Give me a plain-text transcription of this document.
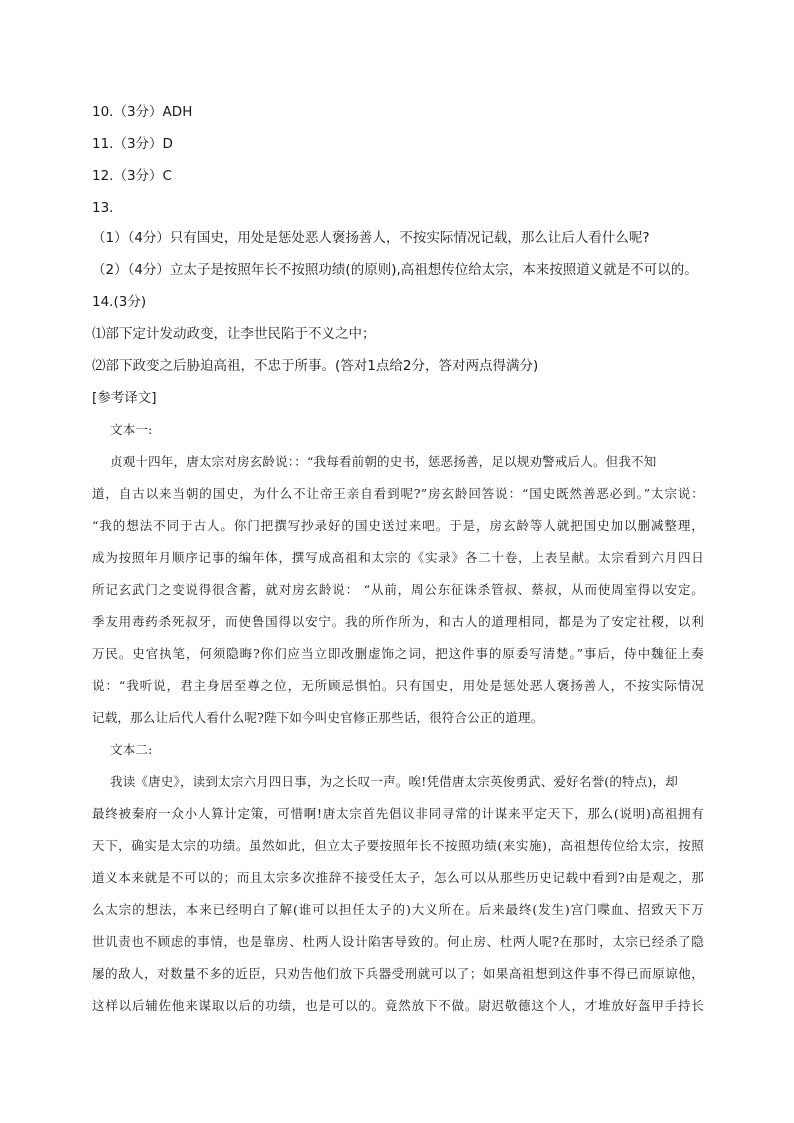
10.（3分）ADH
11.（3分）D
12.（3分）C
13.
（1）（4分）只有国史，用处是惩处恶人褒扬善人，不按实际情况记载，那么让后人看什么呢?
（2）（4分）立太子是按照年长不按照功绩(的原则),高祖想传位给太宗，本来按照道义就是不可以的。
14.(3分)
⑴部下定计发动政变，让李世民陷于不义之中；
⑵部下政变之后胁迫高祖，不忠于所事。(答对1点给2分，答对两点得满分)
[参考译文]
文本一:
贞观十四年，唐太宗对房玄龄说：：“我每看前朝的史书，惩恶扬善，足以规劝警戒后人。但我不知
道，自古以来当朝的国史，为什么不让帝王亲自看到呢?”房玄龄回答说：“国史既然善恶必到。”太宗说：
“我的想法不同于古人。你门把撰写抄录好的国史送过来吧。于是，房玄龄等人就把国史加以删减整理，
成为按照年月顺序记事的编年体，撰写成高祖和太宗的《实录》各二十卷，上表呈献。太宗看到六月四日
所记玄武门之变说得很含蓄，就对房玄龄说： “从前，周公东征诛杀管叔、蔡叔，从而使周室得以安定。
季友用毒药杀死叔牙，而使鲁国得以安宁。我的所作所为，和古人的道理相同，都是为了安定社稷，以利
万民。史官执笔，何须隐晦?你们应当立即改删虚饰之词，把这件事的原委写清楚。”事后，侍中魏征上奏
说：“我听说，君主身居至尊之位，无所顾忌惧怕。只有国史，用处是惩处恶人褒扬善人，不按实际情况
记载，那么让后代人看什么呢?陛下如今叫史官修正那些话，很符合公正的道理。
文本二:
我读《唐史》，读到太宗六月四日事，为之长叹一声。唉!凭借唐太宗英俊勇武、爱好名誉(的特点)，却
最终被秦府一众小人算计定策，可惜啊!唐太宗首先倡议非同寻常的计谋来平定天下，那么(说明)高祖拥有
天下，确实是太宗的功绩。虽然如此，但立太子要按照年长不按照功绩(来实施)，高祖想传位给太宗，按照
道义本来就是不可以的；而且太宗多次推辞不接受任太子，怎么可以从那些历史记载中看到?由是观之，那
么太宗的想法，本来已经明白了解(谁可以担任太子的)大义所在。后来最终(发生)宫门喋血、招致天下万
世讥责也不顾虑的事情，也是靠房、杜两人设计陷害导致的。何止房、杜两人呢?在那时，太宗已经杀了隐
屡的敌人，对数量不多的近臣，只劝告他们放下兵器受刑就可以了；如果高祖想到这件事不得已而原谅他，
这样以后辅佐他来谋取以后的功绩，也是可以的。竟然放下不做。尉迟敬德这个人，才堆放好盔甲手持长
